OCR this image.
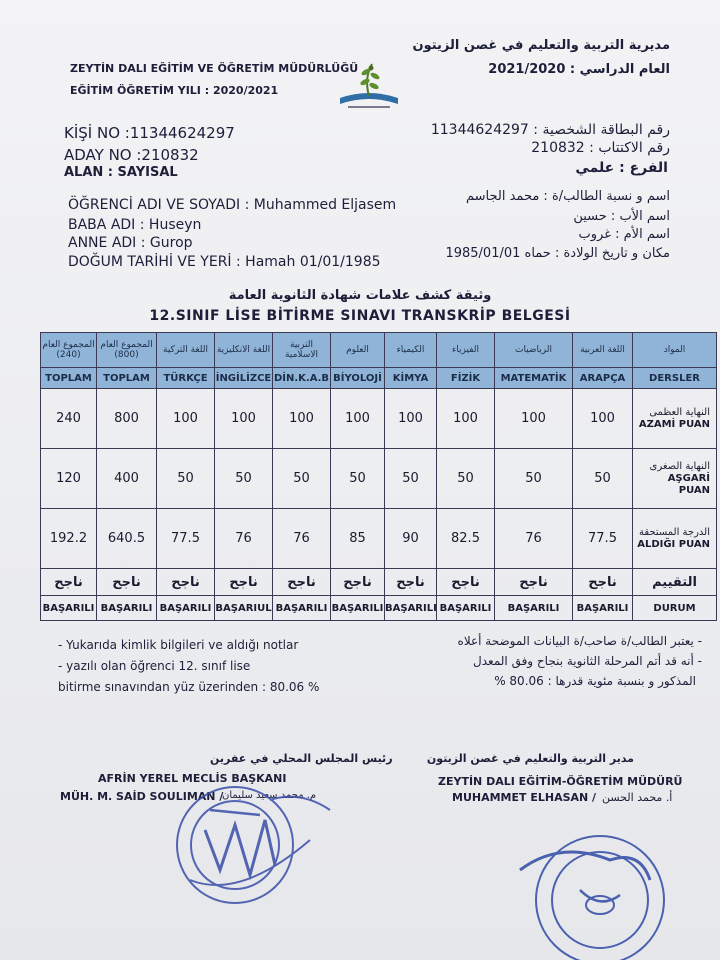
ZEYTİN DALI EĞİTİM VE ÖĞRETİM MÜDÜRLÜĞÜ
EĞİTİM ÖĞRETİM YILI : 2020/2021
مديرية التربية والتعليم في غصن الزيتون
العام الدراسي : 2021/2020
KİŞİ NO :11344624297
ADAY NO :210832
ALAN : SAYISAL
رقم البطاقة الشخصية : 11344624297
رقم الاكتتاب : 210832
الفرع : علمي
ÖĞRENCİ ADI VE SOYADI : Muhammed Eljasem
BABA ADI : Huseyn
ANNE ADI : Gurop
DOĞUM TARİHİ VE YERİ : Hamah 01/01/1985
اسم و نسبة الطالب/ة : محمد الجاسم
اسم الأب : حسين
اسم الأم : غروب
مكان و تاريخ الولادة : حماه 1985/01/01
وثيقة كشف علامات شهادة الثانوية العامة
12.SINIF LİSE BİTİRME SINAVI TRANSKRİP BELGESİ
المجموع العام (240)	المجموع العام (800)	اللغة التركية	اللغة الانكليزية	التربية الاسلامية	العلوم	الكيمياء	الفيزياء	الرياضيات	اللغة العربية	المواد
TOPLAM	TOPLAM	TÜRKÇE	İNGİLİZCE	DİN.K.A.B	BİYOLOJİ	KİMYA	FİZİK	MATEMATİK	ARAPÇA	DERSLER
240	800	100	100	100	100	100	100	100	100	النهاية العظمى
AZAMİ PUAN

120	400	50	50	50	50	50	50	50	50	النهاية الصغرى
AŞGARİ PUAN

192.2	640.5	77.5	76	76	85	90	82.5	76	77.5	الدرجة المستحقة
ALDIĞI PUAN

ناجح	ناجح	ناجح	ناجح	ناجح	ناجح	ناجح	ناجح	ناجح	ناجح	التقييم
BAŞARILI	BAŞARILI	BAŞARILI	BAŞARIUL	BAŞARILI	BAŞARILI	BAŞARILI	BAŞARILI	BAŞARILI	BAŞARILI	DURUM
- Yukarıda kimlik bilgileri ve aldığı notlar
- yazılı olan öğrenci 12. sınıf lise
bitirme sınavından yüz üzerinden : 80.06 %
- يعتبر الطالب/ة صاحب/ة البيانات الموضحة أعلاه
- أنه قد أتم المرحلة الثانوية بنجاح وفق المعدل
المذكور و بنسبة مئوية قدرها : 80.06 %
رئيس المجلس المحلي في عفرين
AFRİN YEREL MECLİS BAŞKANI
MÜH. M. SAİD SOULIMAN /
م. محمد سعيد سليمان
مدير التربية والتعليم في غصن الزيتون
ZEYTİN DALI EĞİTİM-ÖĞRETİM MÜDÜRÜ
MUHAMMET ELHASAN / أ. محمد الحسن
